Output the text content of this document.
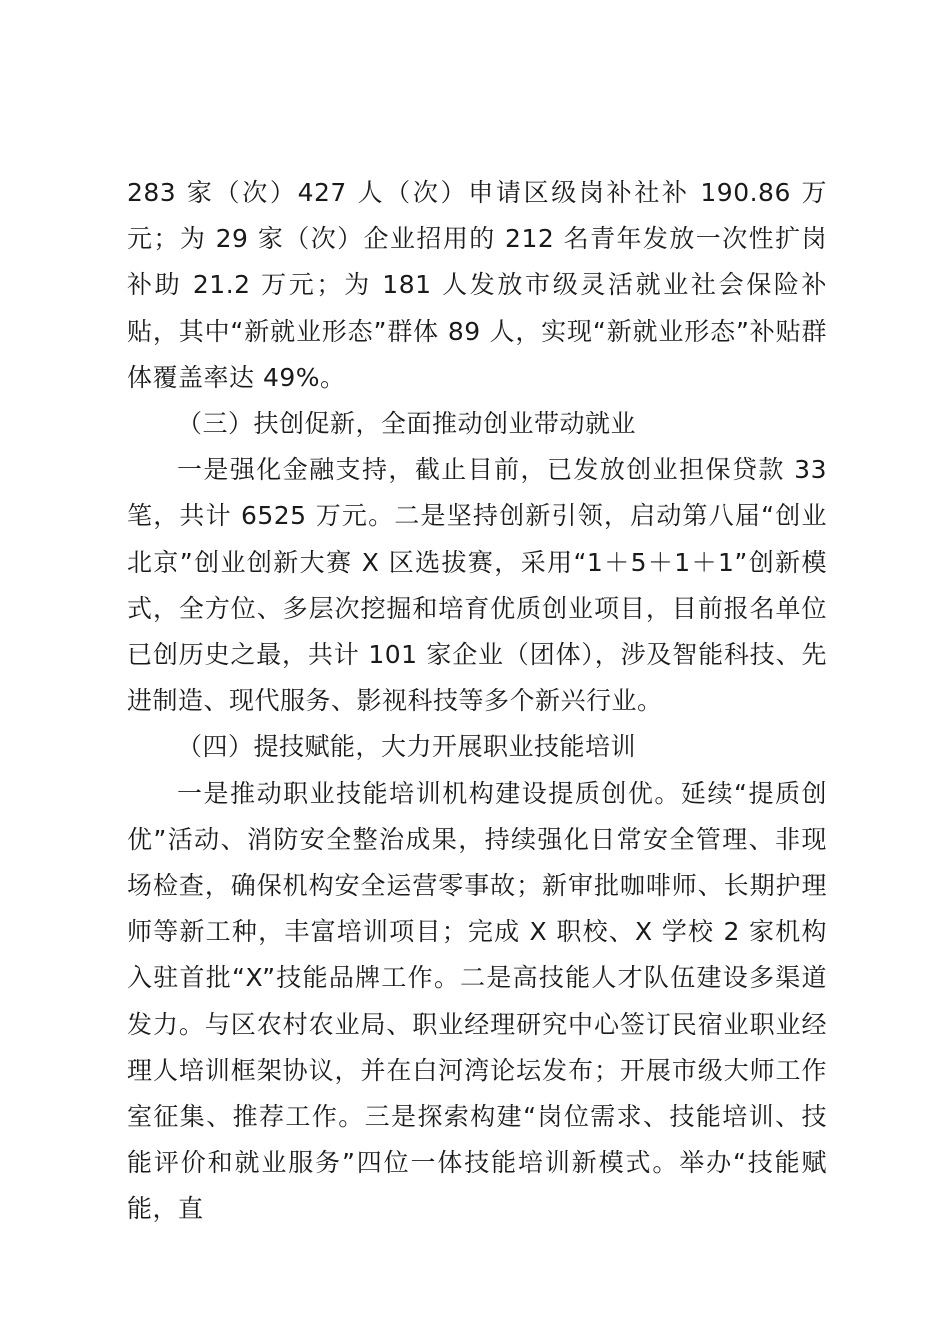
283 家（次）427 人（次）申请区级岗补社补 190.86 万元；为 29 家（次）企业招用的 212 名青年发放一次性扩岗补助 21.2 万元；为 181 人发放市级灵活就业社会保险补贴，其中“新就业形态”群体 89 人，实现“新就业形态”补贴群体覆盖率达 49%。

（三）扶创促新，全面推动创业带动就业

一是强化金融支持，截止目前，已发放创业担保贷款 33 笔，共计 6525 万元。二是坚持创新引领，启动第八届“创业北京”创业创新大赛 X 区选拔赛，采用“1＋5＋1＋1”创新模式，全方位、多层次挖掘和培育优质创业项目，目前报名单位已创历史之最，共计 101 家企业（团体），涉及智能科技、先进制造、现代服务、影视科技等多个新兴行业。

（四）提技赋能，大力开展职业技能培训

一是推动职业技能培训机构建设提质创优。延续“提质创优”活动、消防安全整治成果，持续强化日常安全管理、非现场检查，确保机构安全运营零事故；新审批咖啡师、长期护理师等新工种，丰富培训项目；完成 X 职校、X 学校 2 家机构入驻首批“X”技能品牌工作。二是高技能人才队伍建设多渠道发力。与区农村农业局、职业经理研究中心签订民宿业职业经理人培训框架协议，并在白河湾论坛发布；开展市级大师工作室征集、推荐工作。三是探索构建“岗位需求、技能培训、技能评价和就业服务”四位一体技能培训新模式。举办“技能赋能，直
